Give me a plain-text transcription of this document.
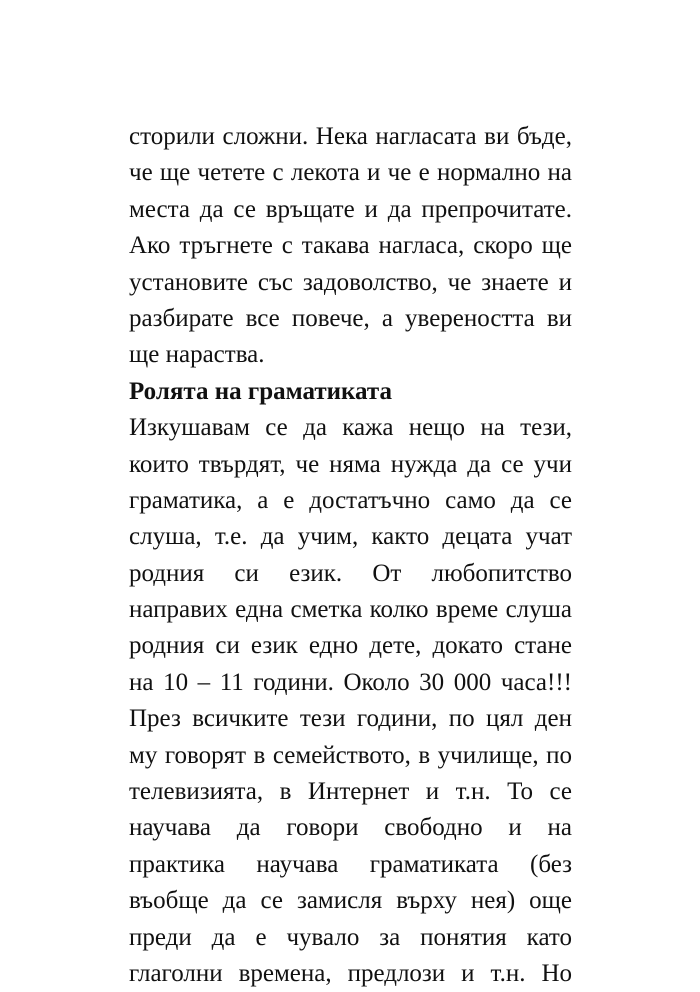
сторили сложни. Нека нагласата ви бъде,
че ще четете с лекота и че е нормално на
места да се връщате и да препрочитате.
Ако тръгнете с такава нагласа, скоро ще
установите със задоволство, че знаете и
разбирате все повече, а увереността ви
ще нараства.
Ролята на граматиката
Изкушавам се да кажа нещо на тези,
които твърдят, че няма нужда да се учи
граматика, а е достатъчно само да се
слуша, т.е. да учим, както децата учат
родния си език. От любопитство
направих една сметка колко време слуша
родния си език едно дете, докато стане
на 10 – 11 години. Около 30 000 часа!!!
През всичките тези години, по цял ден
му говорят в семейството, в училище, по
телевизията, в Интернет и т.н. То се
научава да говори свободно и на
практика научава граматиката (без
въобще да се замисля върху нея) още
преди да е чувало за понятия като
глаголни времена, предлози и т.н. Но
